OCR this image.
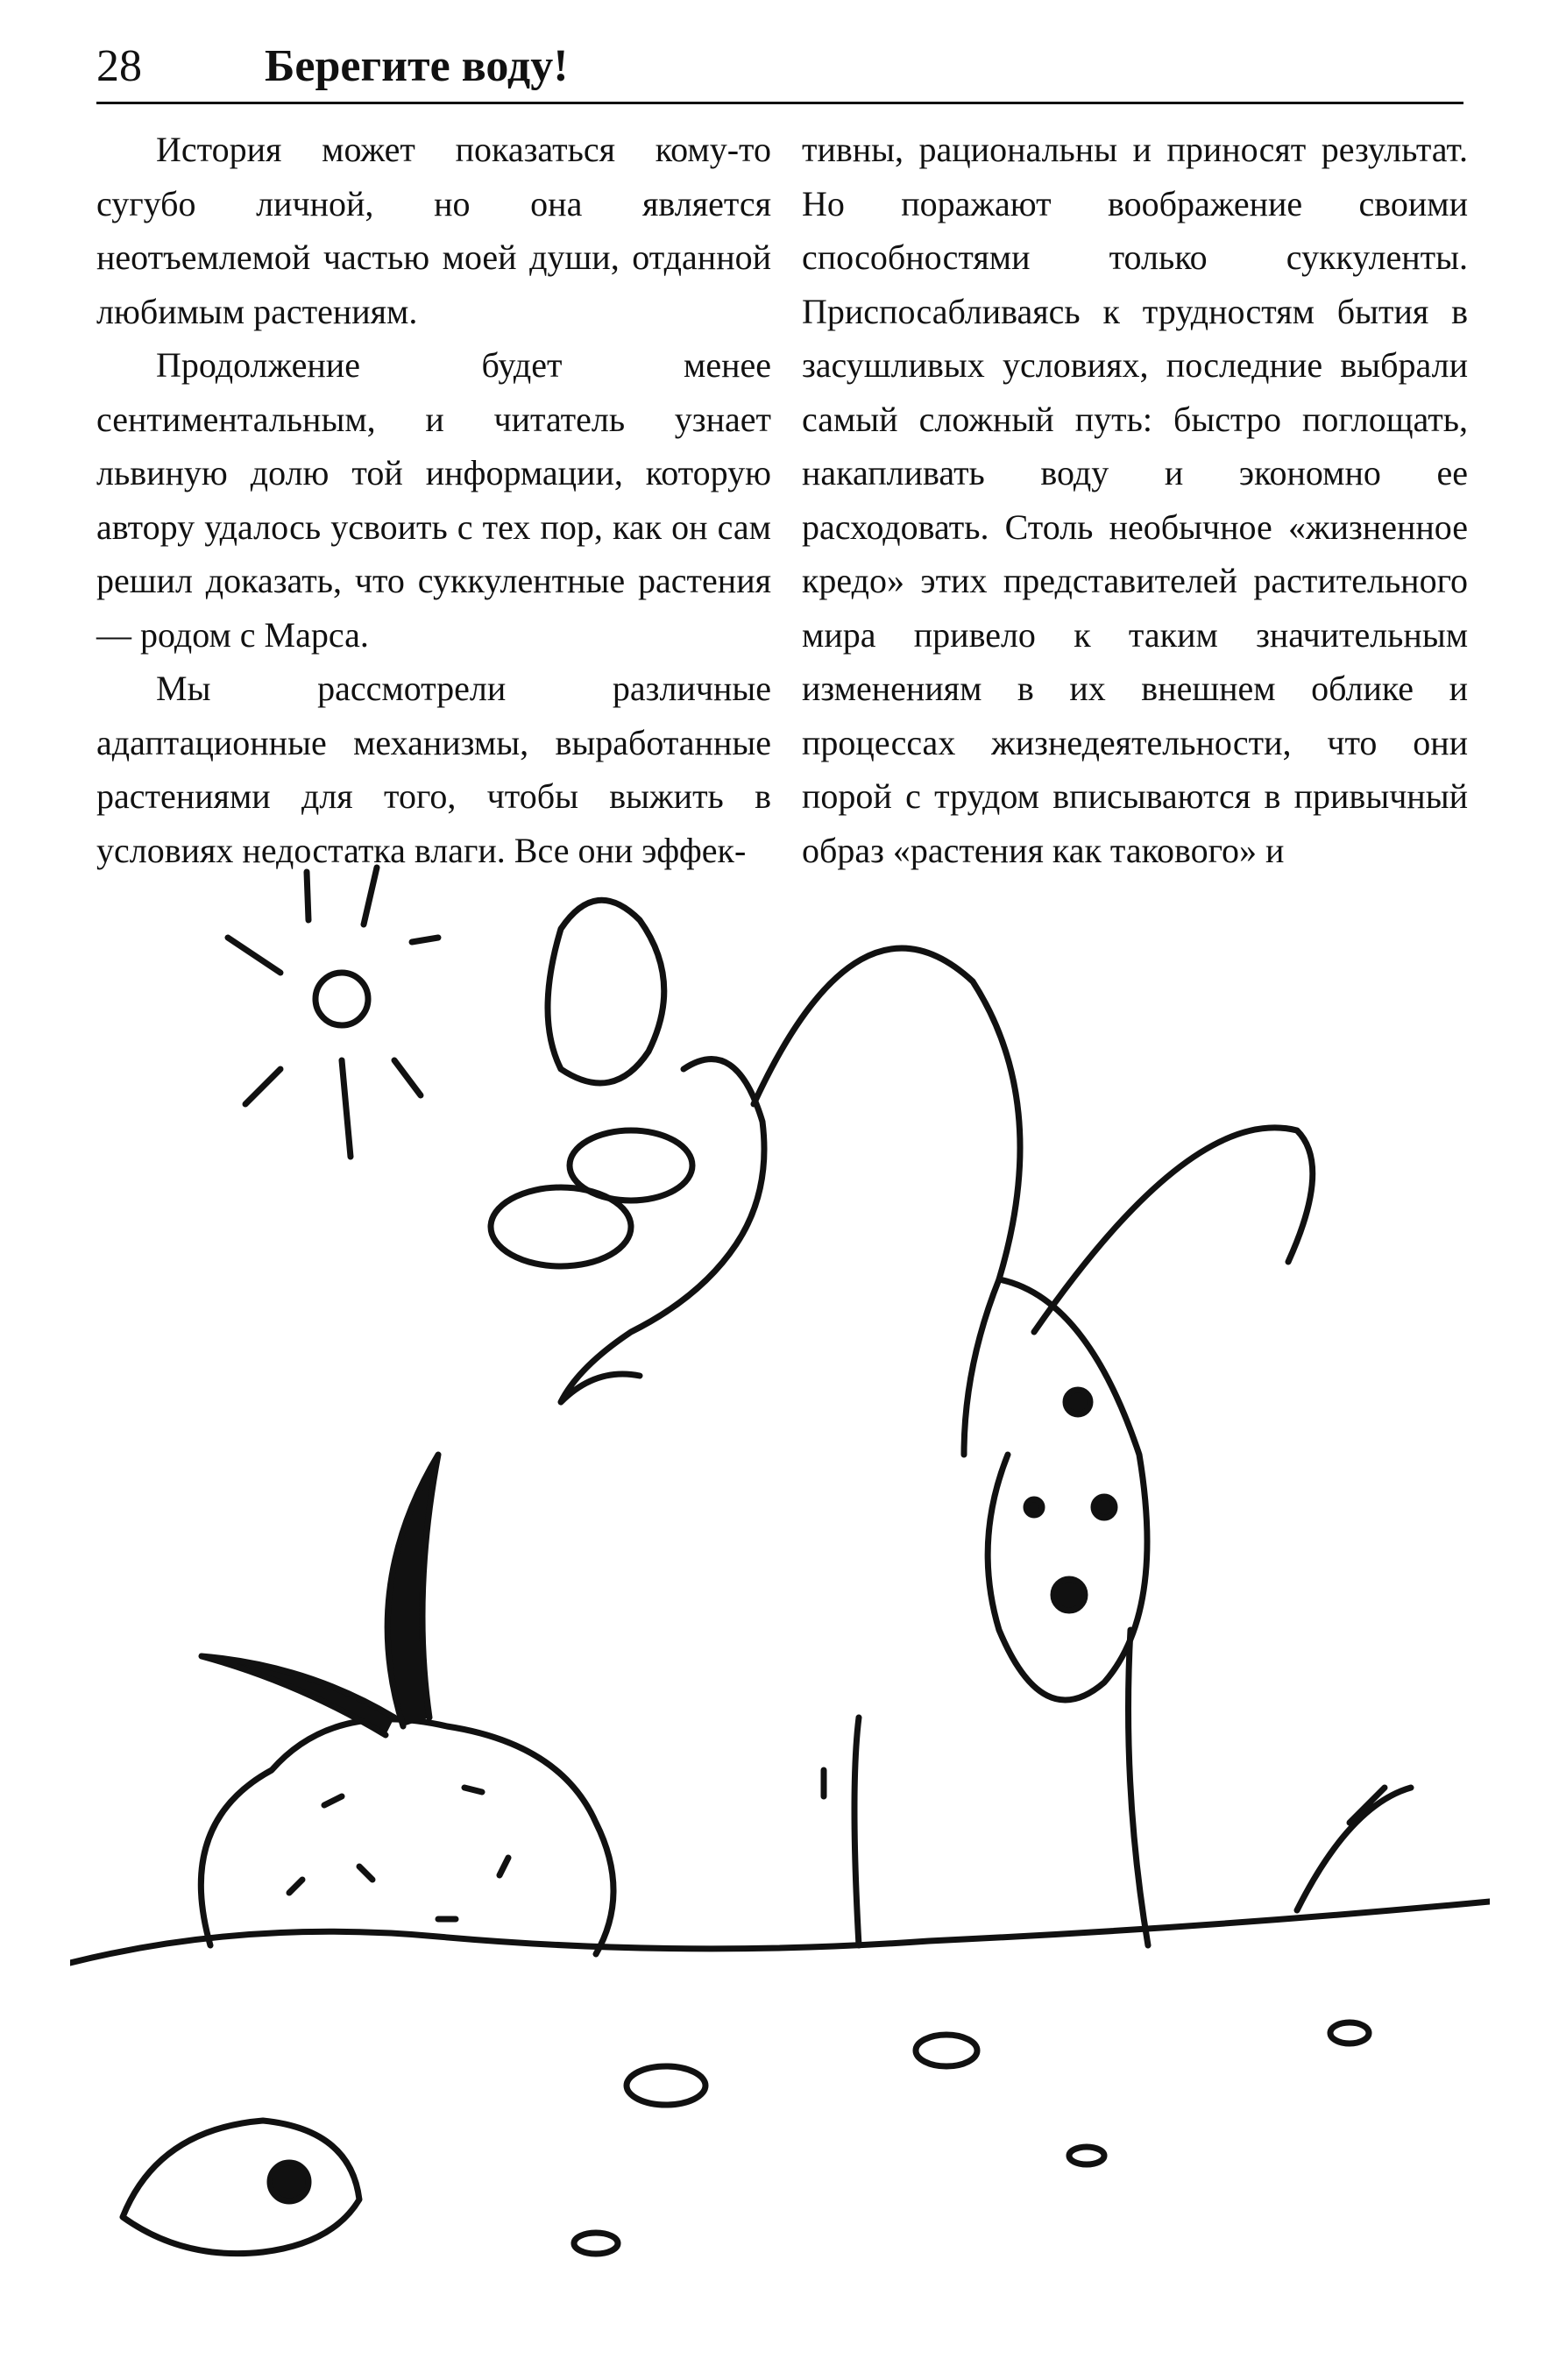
28	Берегите воду!

История может показаться кому-то сугубо личной, но она является неотъемлемой частью моей души, отданной любимым растениям.

Продолжение будет менее сентиментальным, и читатель узнает львиную долю той информации, которую автору удалось усвоить с тех пор, как он сам решил доказать, что суккулентные растения — родом с Марса.

Мы рассмотрели различные адаптационные механизмы, выработанные растениями для того, чтобы выжить в условиях недостатка влаги. Все они эффек-

тивны, рациональны и приносят результат. Но поражают воображение своими способностями только суккуленты. Приспосабливаясь к трудностям бытия в засушливых условиях, последние выбрали самый сложный путь: быстро поглощать, накапливать воду и экономно ее расходовать. Столь необычное «жизненное кредо» этих представителей растительного мира привело к таким значительным изменениям в их внешнем облике и процессах жизнедеятельности, что они порой с трудом вписываются в привычный образ «растения как такового» и
